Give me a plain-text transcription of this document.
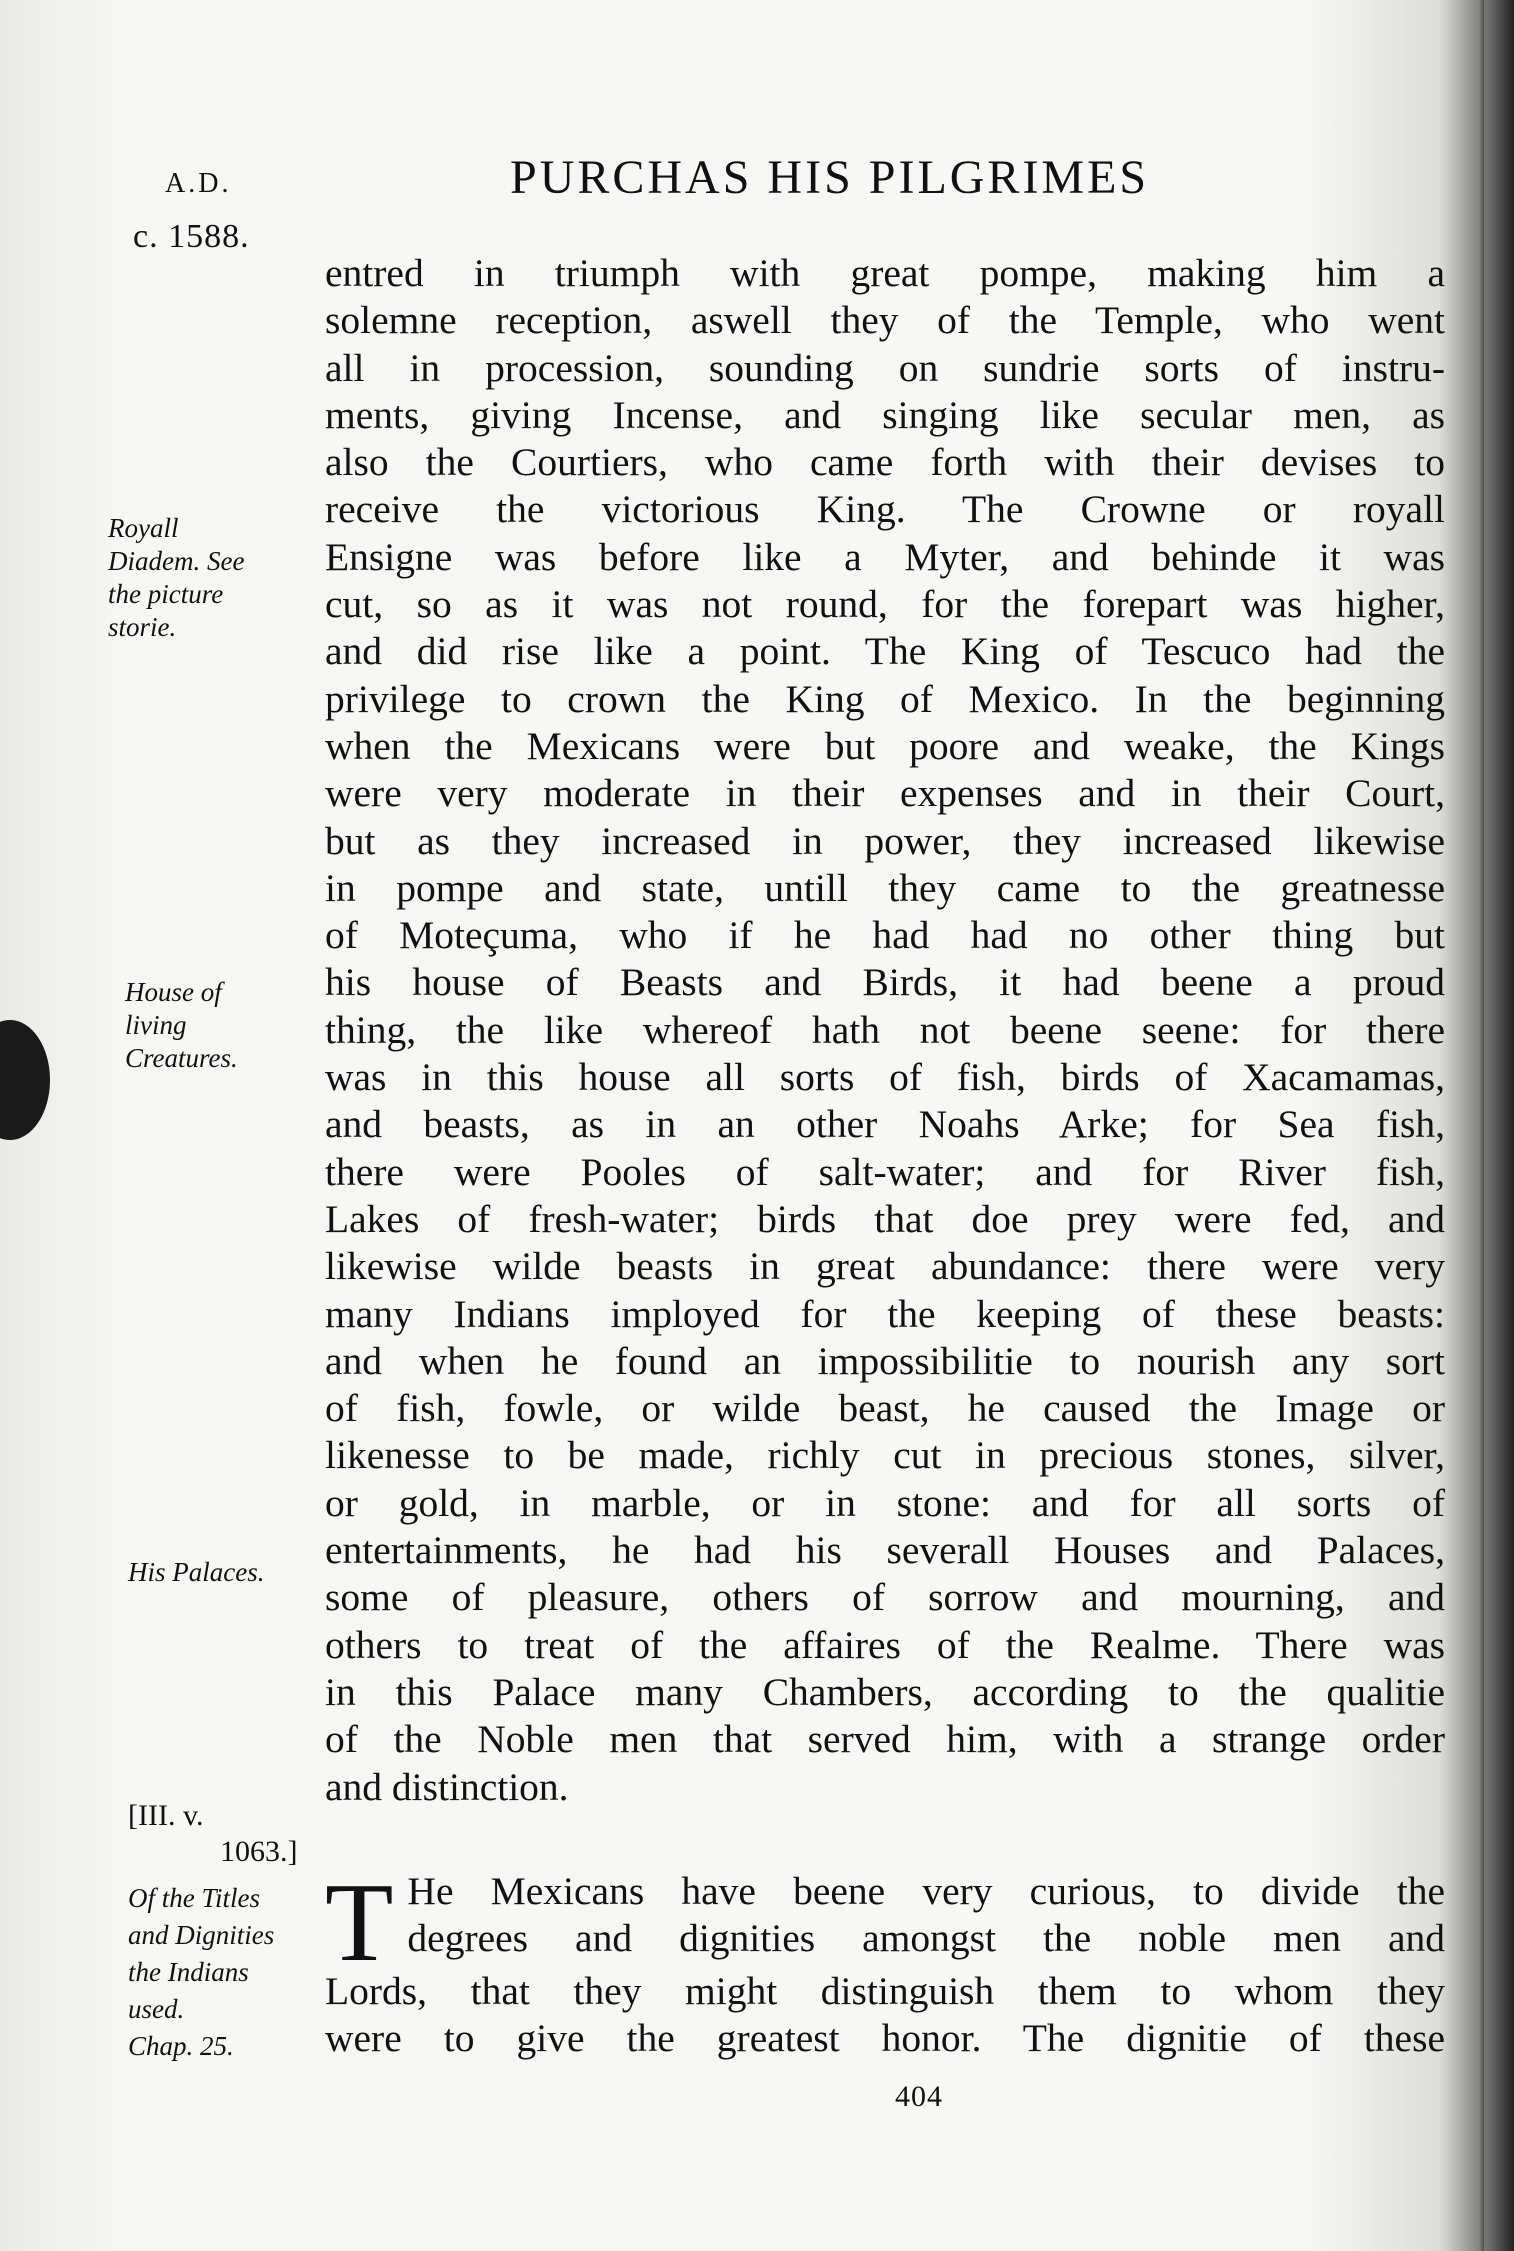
A.D.
c. 1588.
PURCHAS HIS PILGRIMES
entred in triumph with great pompe, making him a
solemne reception, aswell they of the Temple, who went
all in procession, sounding on sundrie sorts of instru-
ments, giving Incense, and singing like secular men, as
also the Courtiers, who came forth with their devises to
receive the victorious King. The Crowne or royall
Ensigne was before like a Myter, and behinde it was
cut, so as it was not round, for the forepart was higher,
and did rise like a point. The King of Tescuco had the
privilege to crown the King of Mexico. In the beginning
when the Mexicans were but poore and weake, the Kings
were very moderate in their expenses and in their Court,
but as they increased in power, they increased likewise
in pompe and state, untill they came to the greatnesse
of Moteçuma, who if he had had no other thing but
his house of Beasts and Birds, it had beene a proud
thing, the like whereof hath not beene seene: for there
was in this house all sorts of fish, birds of Xacamamas,
and beasts, as in an other Noahs Arke; for Sea fish,
there were Pooles of salt-water; and for River fish,
Lakes of fresh-water; birds that doe prey were fed, and
likewise wilde beasts in great abundance: there were very
many Indians imployed for the keeping of these beasts:
and when he found an impossibilitie to nourish any sort
of fish, fowle, or wilde beast, he caused the Image or
likenesse to be made, richly cut in precious stones, silver,
or gold, in marble, or in stone: and for all sorts of
entertainments, he had his severall Houses and Palaces,
some of pleasure, others of sorrow and mourning, and
others to treat of the affaires of the Realme. There was
in this Palace many Chambers, according to the qualitie
of the Noble men that served him, with a strange order
and distinction.
T He Mexicans have beene very curious, to divide the
degrees and dignities amongst the noble men and
Lords, that they might distinguish them to whom they
were to give the greatest honor. The dignitie of these
Royall
Diadem. See
the picture
storie.
House of
living
Creatures.
His Palaces.
[III. v.
1063.]
Of the Titles
and Dignities
the Indians
used.
Chap. 25.
404
